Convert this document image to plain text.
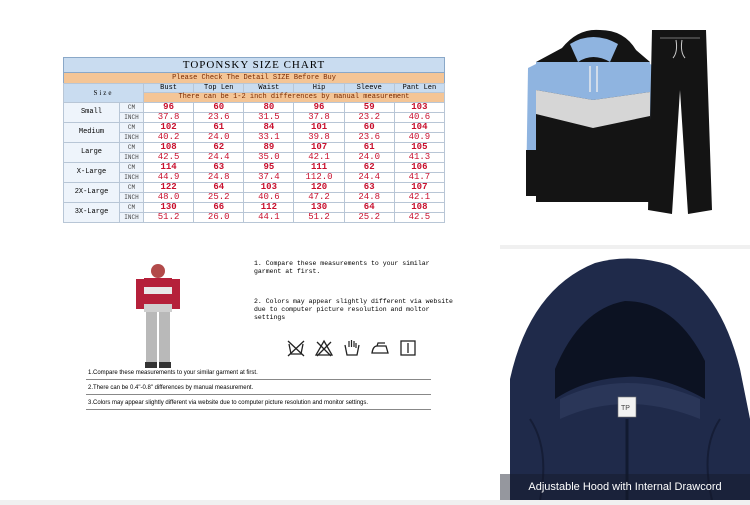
TOPONSKY SIZE CHART
Please Check The Detail SIZE Before Buy
Size		Bust	Top Len	Waist	Hip	Sleeve	Pant Len
		There can be 1-2 inch differences by manual measurement					
Small	CM	96	60	80	96	59	103
	INCH	37.8	23.6	31.5	37.8	23.2	40.6
Medium	CM	102	61	84	101	60	104
	INCH	40.2	24.0	33.1	39.8	23.6	40.9
Large	CM	108	62	89	107	61	105
	INCH	42.5	24.4	35.0	42.1	24.0	41.3
X-Large	CM	114	63	95	111	62	106
	INCH	44.9	24.8	37.4	112.0	24.4	41.7
2X-Large	CM	122	64	103	120	63	107
	INCH	48.0	25.2	40.6	47.2	24.8	42.1
3X-Large	CM	130	66	112	130	64	108
	INCH	51.2	26.0	44.1	51.2	25.2	42.5
1. Compare these measurements to your similar garment at first.
2. Colors may appear slightly different via website due to computer picture resolution and moltor settings
1.Compare these measurements to your similar garment at first.
2.There can be 0.4"-0.8" differences by manual measurement.
3.Colors may appear slightly different via website due to computer picture resolution and monitor settings.
TP
Adjustable Hood with Internal Drawcord
